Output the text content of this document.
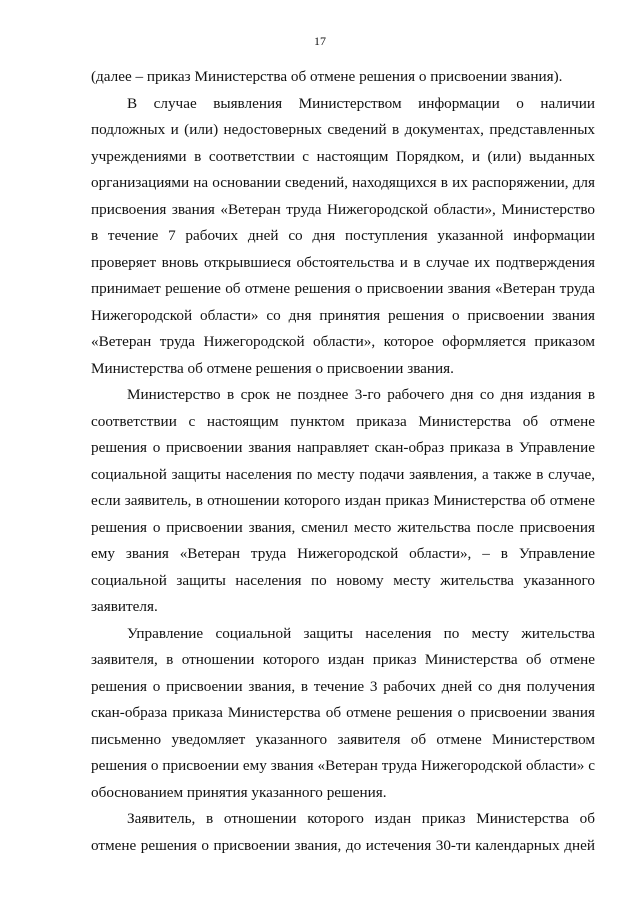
17
(далее – приказ Министерства об отмене решения о присвоении звания).
В случае выявления Министерством информации о наличии
подложных и (или) недостоверных сведений в документах, представленных
учреждениями в соответствии с настоящим Порядком, и (или) выданных
организациями на основании сведений, находящихся в их распоряжении, для
присвоения звания «Ветеран труда Нижегородской области», Министерство
в течение 7 рабочих дней со дня поступления указанной информации
проверяет вновь открывшиеся обстоятельства и в случае их подтверждения
принимает решение об отмене решения о присвоении звания «Ветеран труда
Нижегородской области» со дня принятия решения о присвоении звания
«Ветеран труда Нижегородской области», которое оформляется приказом
Министерства об отмене решения о присвоении звания.
Министерство в срок не позднее 3-го рабочего дня со дня издания в
соответствии с настоящим пунктом приказа Министерства об отмене
решения о присвоении звания направляет скан-образ приказа в Управление
социальной защиты населения по месту подачи заявления, а также в случае,
если заявитель, в отношении которого издан приказ Министерства об отмене
решения о присвоении звания, сменил место жительства после присвоения
ему звания «Ветеран труда Нижегородской области», – в Управление
социальной защиты населения по новому месту жительства указанного
заявителя.
Управление социальной защиты населения по месту жительства
заявителя, в отношении которого издан приказ Министерства об отмене
решения о присвоении звания, в течение 3 рабочих дней со дня получения
скан-образа приказа Министерства об отмене решения о присвоении звания
письменно уведомляет указанного заявителя об отмене Министерством
решения о присвоении ему звания «Ветеран труда Нижегородской области» с
обоснованием принятия указанного решения.
Заявитель, в отношении которого издан приказ Министерства об
отмене решения о присвоении звания, до истечения 30-ти календарных дней
